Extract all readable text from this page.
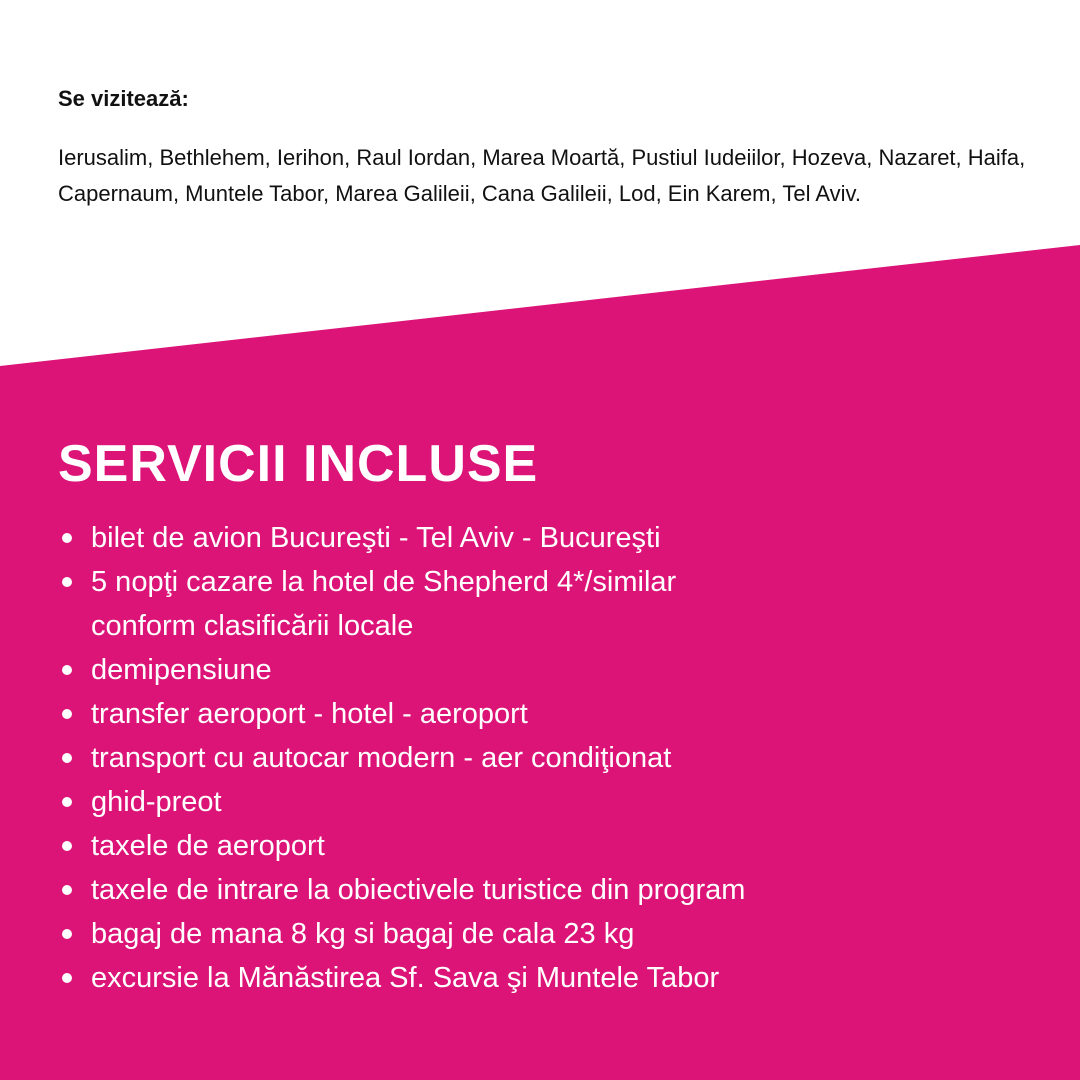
Se vizitează:

Ierusalim, Bethlehem, Ierihon, Raul Iordan, Marea Moartă, Pustiul Iudeiilor, Hozeva, Nazaret, Haifa, Capernaum, Muntele Tabor, Marea Galileii, Cana Galileii, Lod, Ein Karem, Tel Aviv.

SERVICII INCLUSE
bilet de avion Bucureşti - Tel Aviv - Bucureşti
5 nopţi cazare la hotel de Shepherd 4*/similar
conform clasificării locale
demipensiune
transfer aeroport - hotel - aeroport
transport cu autocar modern - aer condiţionat
ghid-preot
taxele de aeroport
taxele de intrare la obiectivele turistice din program
bagaj de mana 8 kg si bagaj de cala 23 kg
excursie la Mănăstirea Sf. Sava şi Muntele Tabor
